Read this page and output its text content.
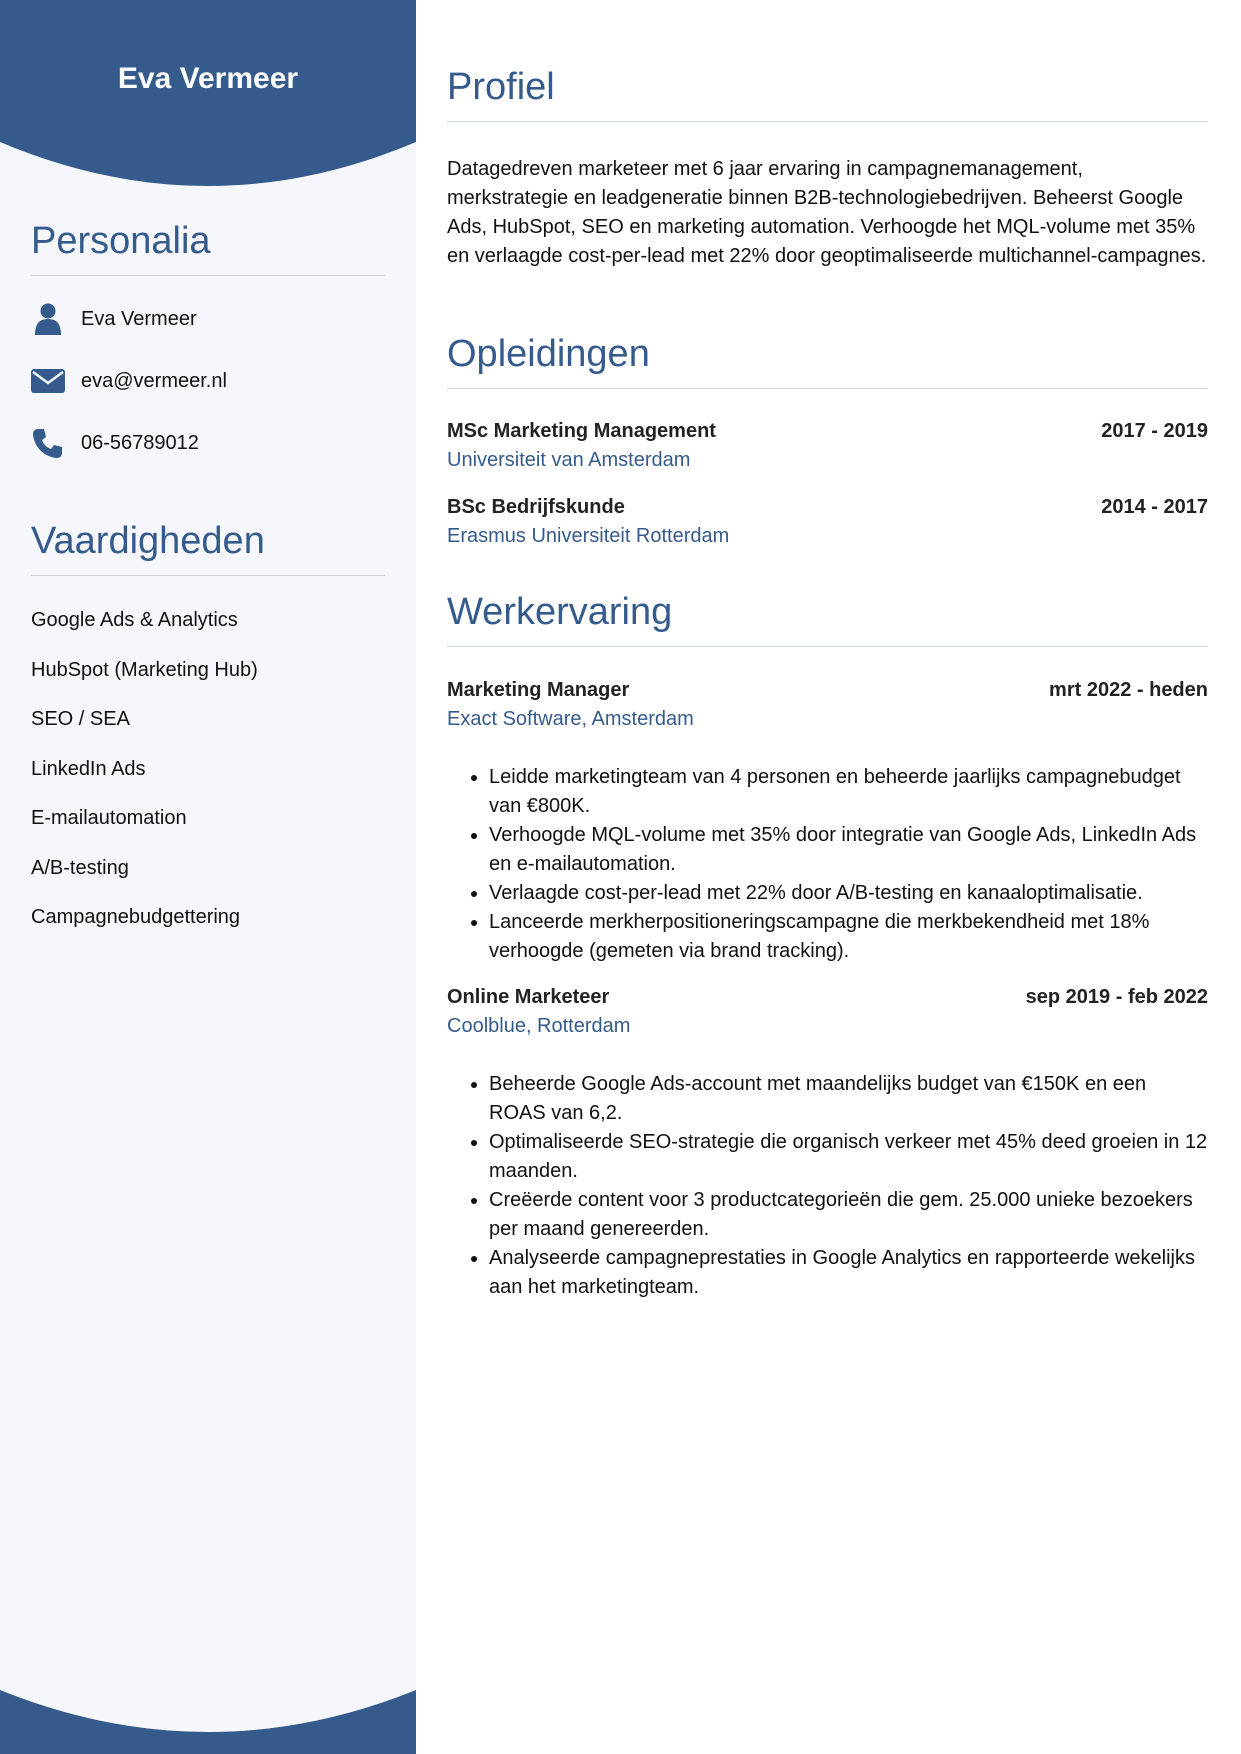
Eva Vermeer
Personalia
Eva Vermeer
eva@vermeer.nl
06-56789012
Vaardigheden
Google Ads & Analytics
HubSpot (Marketing Hub)
SEO / SEA
LinkedIn Ads
E-mailautomation
A/B-testing
Campagnebudgettering
Profiel

Datagedreven marketeer met 6 jaar ervaring in campagnemanagement, merkstrategie en leadgeneratie binnen B2B-technologiebedrijven. Beheerst Google Ads, HubSpot, SEO en marketing automation. Verhoogde het MQL-volume met 35% en verlaagde cost-per-lead met 22% door geoptimaliseerde multichannel-campagnes.

Opleidingen
MSc Marketing Management	2017 - 2019
Universiteit van Amsterdam
BSc Bedrijfskunde	2014 - 2017
Erasmus Universiteit Rotterdam
Werkervaring
Marketing Manager	mrt 2022 - heden
Exact Software, Amsterdam
• Leidde marketingteam van 4 personen en beheerde jaarlijks campagnebudget van €800K.
• Verhoogde MQL-volume met 35% door integratie van Google Ads, LinkedIn Ads en e-mailautomation.
• Verlaagde cost-per-lead met 22% door A/B-testing en kanaaloptimalisatie.
• Lanceerde merkherpositioneringscampagne die merkbekendheid met 18% verhoogde (gemeten via brand tracking).
Online Marketeer	sep 2019 - feb 2022
Coolblue, Rotterdam
• Beheerde Google Ads-account met maandelijks budget van €150K en een ROAS van 6,2.
• Optimaliseerde SEO-strategie die organisch verkeer met 45% deed groeien in 12 maanden.
• Creëerde content voor 3 productcategorieën die gem. 25.000 unieke bezoekers per maand genereerden.
• Analyseerde campagneprestaties in Google Analytics en rapporteerde wekelijks aan het marketingteam.
